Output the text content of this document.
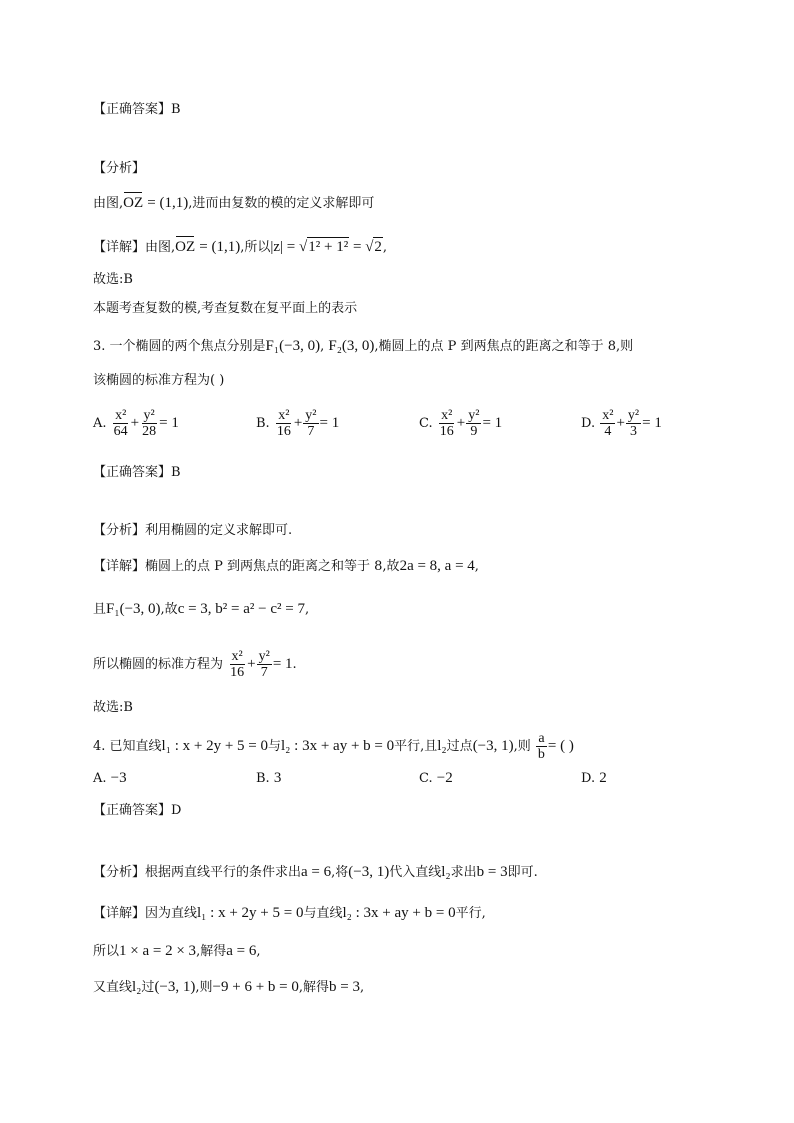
【正确答案】B
【分析】
由图,OZ = (1,1),进而由复数的模的定义求解即可
【详解】由图,OZ = (1,1),所以|z| = √1² + 1² = √2,
故选:B
本题考查复数的模,考查复数在复平面上的表示
3. 一个椭圆的两个焦点分别是F₁(−3, 0), F₂(3, 0),椭圆上的点 P 到两焦点的距离之和等于 8,则
该椭圆的标准方程为( )
A. $\frac{\text{x²}}{64} + \frac{\text{y²}}{28} = 1$	B. $\frac{\text{x²}}{16} + \frac{\text{y²}}{7} = 1$	C. $\frac{\text{x²}}{16} + \frac{\text{y²}}{9} = 1$	D. $\frac{\text{x²}}{4} + \frac{\text{y²}}{3} = 1$
【正确答案】B
【分析】利用椭圆的定义求解即可.
【详解】椭圆上的点 P 到两焦点的距离之和等于 8,故2a = 8, a = 4,
且F₁(−3, 0),故c = 3, b² = a² − c² = 7,
所以椭圆的标准方程为 $\frac{\text{x²}}{16} + \frac{\text{y²}}{7} = 1$.
故选:B
4. 已知直线l₁ : x + 2y + 5 = 0与l₂ : 3x + ay + b = 0平行,且l₂过点(−3, 1),则 $\frac{a}{b}$ = ( )
A. −3	B. 3	C. −2	D. 2
【正确答案】D
【分析】根据两直线平行的条件求出a = 6,将(−3, 1)代入直线l₂求出b = 3即可.
【详解】因为直线l₁ : x + 2y + 5 = 0与直线l₂ : 3x + ay + b = 0平行,
所以1 × a = 2 × 3,解得a = 6,
又直线l₂过(−3, 1),则−9 + 6 + b = 0,解得b = 3,
